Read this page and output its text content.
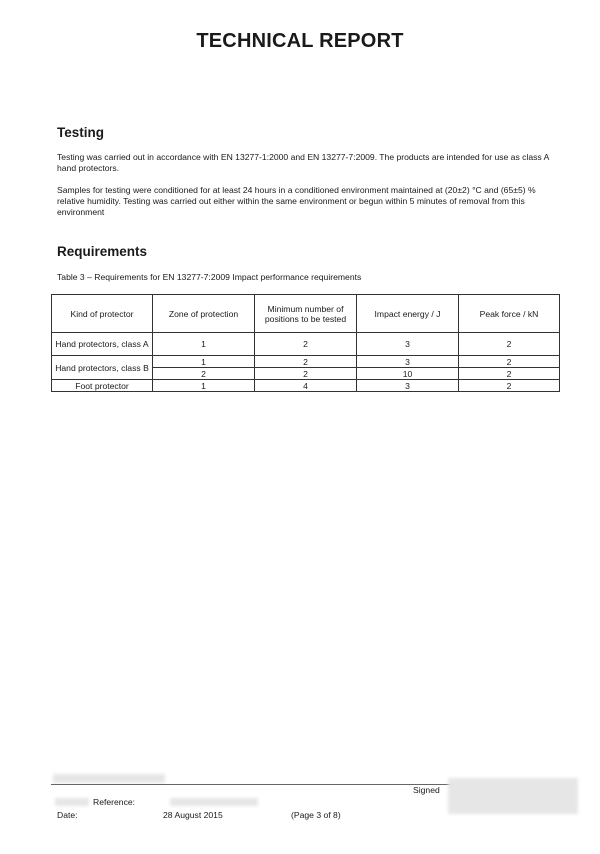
TECHNICAL REPORT
Testing
Testing was carried out in accordance with EN 13277-1:2000 and EN 13277-7:2009. The products are intended for use as class A hand protectors.
Samples for testing were conditioned for at least 24 hours in a conditioned environment maintained at (20±2) °C and (65±5) % relative humidity. Testing was carried out either within the same environment or begun within 5 minutes of removal from this environment
Requirements
Table 3 – Requirements for EN 13277-7:2009 Impact performance requirements
Kind of protector	Zone of protection	Minimum number of positions to be tested	Impact energy / J	Peak force / kN
Hand protectors, class A	1	2	3	2
Hand protectors, class B	1	2	3	2
	2	2	10	2
Foot protector	1	4	3	2
Signed
Reference:
Date:	28 August 2015	(Page 3 of 8)
